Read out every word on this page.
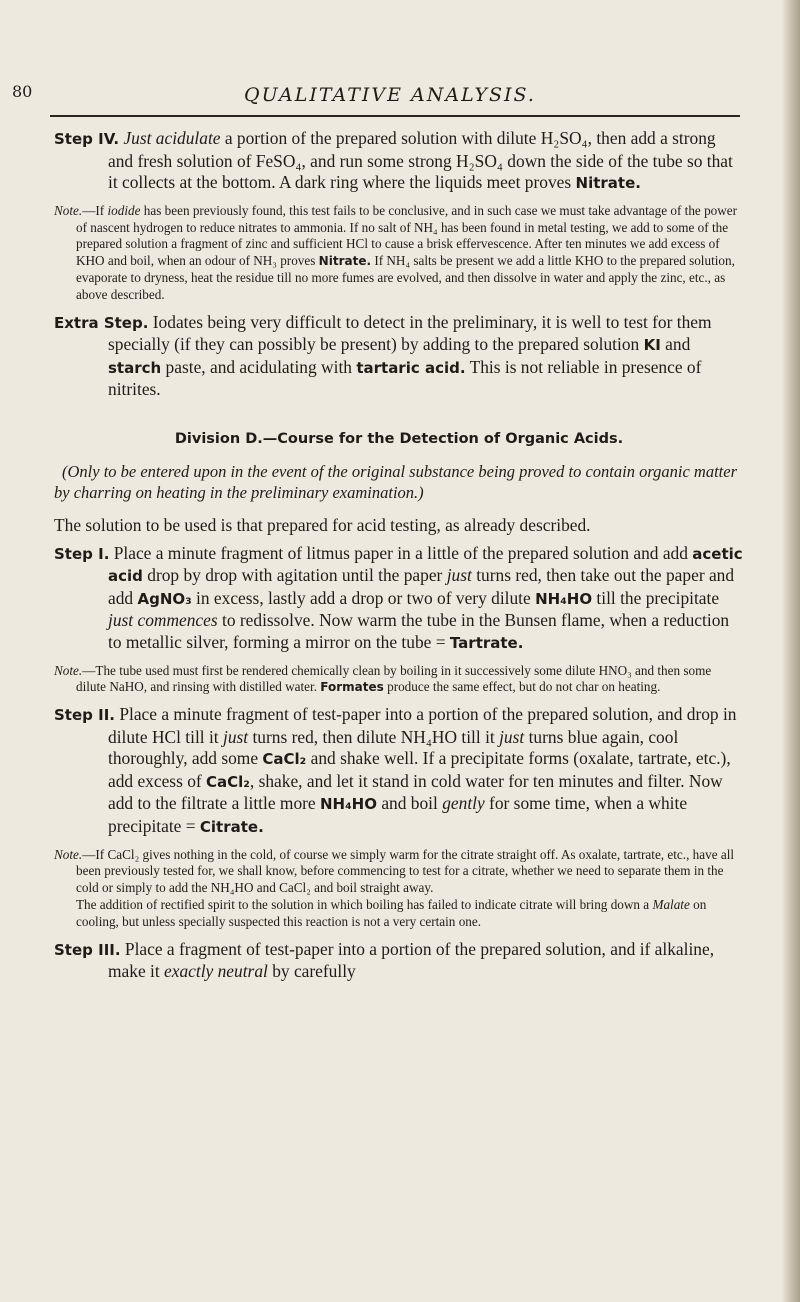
80	QUALITATIVE ANALYSIS.
Step IV. Just acidulate a portion of the prepared solution with dilute H₂SO₄, then add a strong and fresh solution of FeSO₄, and run some strong H₂SO₄ down the side of the tube so that it collects at the bottom. A dark ring where the liquids meet proves Nitrate.
Note.—If iodide has been previously found, this test fails to be conclusive, and in such case we must take advantage of the power of nascent hydrogen to reduce nitrates to ammonia. If no salt of NH₄ has been found in metal testing, we add to some of the prepared solution a fragment of zinc and sufficient HCl to cause a brisk effervescence. After ten minutes we add excess of KHO and boil, when an odour of NH₃ proves Nitrate. If NH₄ salts be present we add a little KHO to the prepared solution, evaporate to dryness, heat the residue till no more fumes are evolved, and then dissolve in water and apply the zinc, etc., as above described.
Extra Step. Iodates being very difficult to detect in the preliminary, it is well to test for them specially (if they can possibly be present) by adding to the prepared solution KI and starch paste, and acidulating with tartaric acid. This is not reliable in presence of nitrites.
Division D.—Course for the Detection of Organic Acids.
(Only to be entered upon in the event of the original substance being proved to contain organic matter by charring on heating in the preliminary examination.)
The solution to be used is that prepared for acid testing, as already described.
Step I. Place a minute fragment of litmus paper in a little of the prepared solution and add acetic acid drop by drop with agitation until the paper just turns red, then take out the paper and add AgNO₃ in excess, lastly add a drop or two of very dilute NH₄HO till the precipitate just commences to redissolve. Now warm the tube in the Bunsen flame, when a reduction to metallic silver, forming a mirror on the tube = Tartrate.
Note.—The tube used must first be rendered chemically clean by boiling in it successively some dilute HNO₃ and then some dilute NaHO, and rinsing with distilled water. Formates produce the same effect, but do not char on heating.
Step II. Place a minute fragment of test-paper into a portion of the prepared solution, and drop in dilute HCl till it just turns red, then dilute NH₄HO till it just turns blue again, cool thoroughly, add some CaCl₂ and shake well. If a precipitate forms (oxalate, tartrate, etc.), add excess of CaCl₂, shake, and let it stand in cold water for ten minutes and filter. Now add to the filtrate a little more NH₄HO and boil gently for some time, when a white precipitate = Citrate.
Note.—If CaCl₂ gives nothing in the cold, of course we simply warm for the citrate straight off. As oxalate, tartrate, etc., have all been previously tested for, we shall know, before commencing to test for a citrate, whether we need to separate them in the cold or simply to add the NH₄HO and CaCl₂ and boil straight away.
The addition of rectified spirit to the solution in which boiling has failed to indicate citrate will bring down a Malate on cooling, but unless specially suspected this reaction is not a very certain one.
Step III. Place a fragment of test-paper into a portion of the prepared solution, and if alkaline, make it exactly neutral by carefully
